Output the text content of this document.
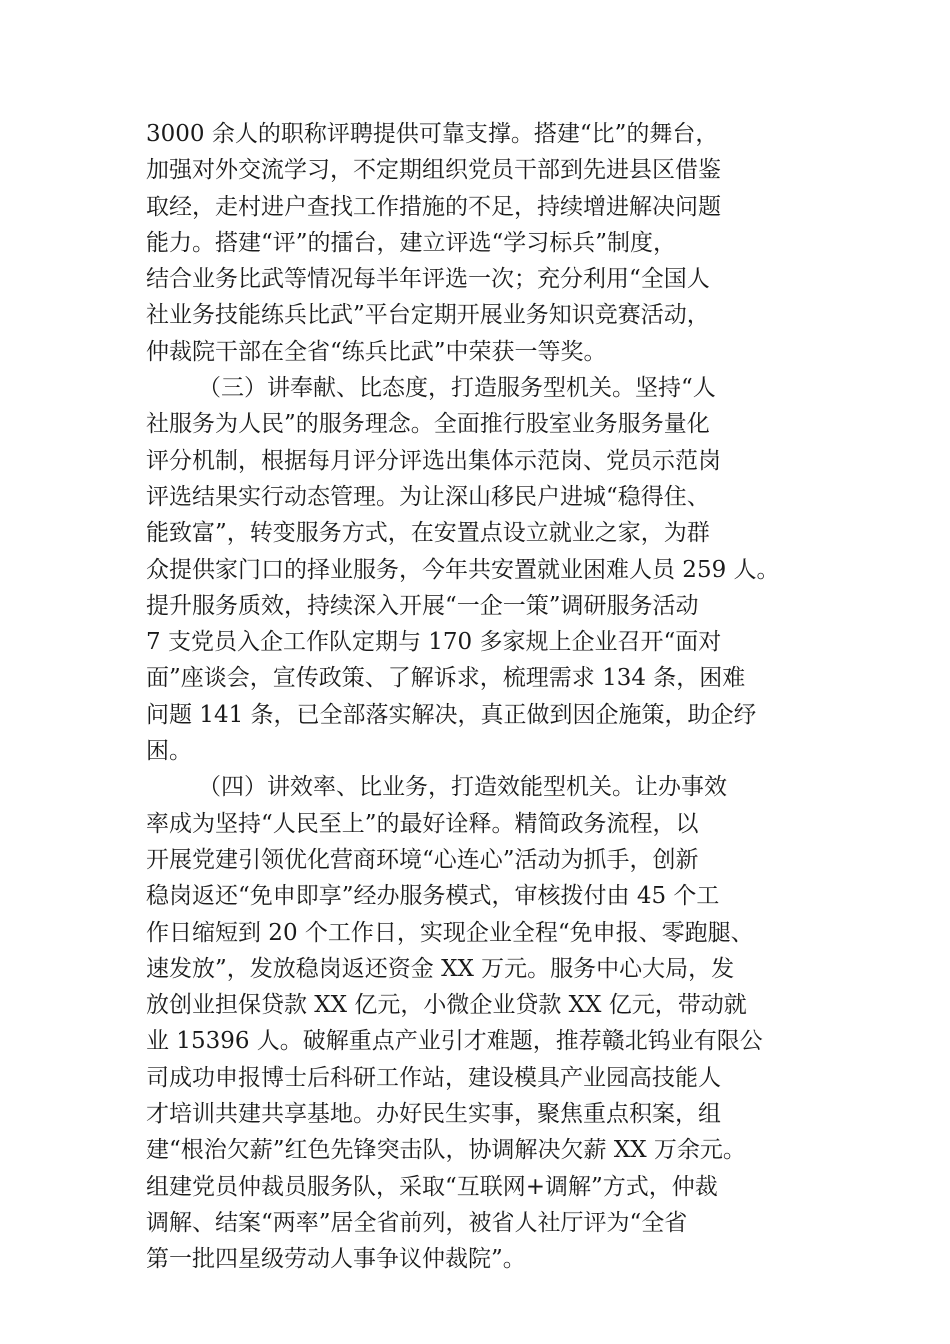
3000 余人的职称评聘提供可靠支撑。搭建“比”的舞台，
加强对外交流学习，不定期组织党员干部到先进县区借鉴
取经，走村进户查找工作措施的不足，持续增进解决问题
能力。搭建“评”的擂台，建立评选“学习标兵”制度，
结合业务比武等情况每半年评选一次；充分利用“全国人
社业务技能练兵比武”平台定期开展业务知识竞赛活动，
仲裁院干部在全省“练兵比武”中荣获一等奖。
（三）讲奉献、比态度，打造服务型机关。坚持“人
社服务为人民”的服务理念。全面推行股室业务服务量化
评分机制，根据每月评分评选出集体示范岗、党员示范岗
评选结果实行动态管理。为让深山移民户进城“稳得住、
能致富”，转变服务方式，在安置点设立就业之家，为群
众提供家门口的择业服务，今年共安置就业困难人员 259 人。
提升服务质效，持续深入开展“一企一策”调研服务活动
7 支党员入企工作队定期与 170 多家规上企业召开“面对
面”座谈会，宣传政策、了解诉求，梳理需求 134 条，困难
问题 141 条，已全部落实解决，真正做到因企施策，助企纾
困。
（四）讲效率、比业务，打造效能型机关。让办事效
率成为坚持“人民至上”的最好诠释。精简政务流程，以
开展党建引领优化营商环境“心连心”活动为抓手，创新
稳岗返还“免申即享”经办服务模式，审核拨付由 45 个工
作日缩短到 20 个工作日，实现企业全程“免申报、零跑腿、
速发放”，发放稳岗返还资金 XX 万元。服务中心大局，发
放创业担保贷款 XX 亿元，小微企业贷款 XX 亿元，带动就
业 15396 人。破解重点产业引才难题，推荐赣北钨业有限公
司成功申报博士后科研工作站，建设模具产业园高技能人
才培训共建共享基地。办好民生实事，聚焦重点积案，组
建“根治欠薪”红色先锋突击队，协调解决欠薪 XX 万余元。
组建党员仲裁员服务队，采取“互联网+调解”方式，仲裁
调解、结案“两率”居全省前列，被省人社厅评为“全省
第一批四星级劳动人事争议仲裁院”。
